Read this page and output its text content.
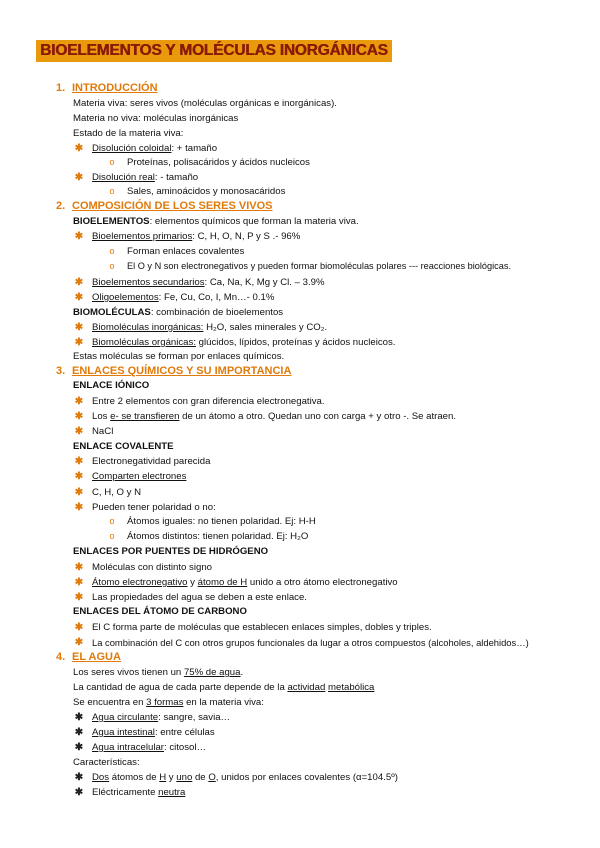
BIOELEMENTOS Y MOLÉCULAS INORGÁNICAS
1. INTRODUCCIÓN
Materia viva: seres vivos (moléculas orgánicas e inorgánicas).
Materia no viva: moléculas inorgánicas
Estado de la materia viva:
✱ Disolución coloidal: + tamaño
o Proteínas, polisacáridos y ácidos nucleicos
✱ Disolución real: - tamaño
o Sales, aminoácidos y monosacáridos
2. COMPOSICIÓN DE LOS SERES VIVOS
BIOELEMENTOS: elementos químicos que forman la materia viva.
✱ Bioelementos primarios: C, H, O, N, P y S .- 96%
o Forman enlaces covalentes
o El O y N son electronegativos y pueden formar biomoléculas polares --- reacciones biológicas.
✱ Bioelementos secundarios: Ca, Na, K, Mg y Cl. – 3.9%
✱ Oligoelementos: Fe, Cu, Co, I, Mn…- 0.1%
BIOMOLÉCULAS: combinación de bioelementos
✱ Biomoléculas inorgánicas: H₂O, sales minerales y CO₂.
✱ Biomoléculas orgánicas: glúcidos, lípidos, proteínas y ácidos nucleicos.
Estas moléculas se forman por enlaces químicos.
3. ENLACES QUÍMICOS Y SU IMPORTANCIA
ENLACE IÓNICO
✱ Entre 2 elementos con gran diferencia electronegativa.
✱ Los e- se transfieren de un átomo a otro. Quedan uno con carga + y otro -. Se atraen.
✱ NaCl
ENLACE COVALENTE
✱ Electronegatividad parecida
✱ Comparten electrones
✱ C, H, O y N
✱ Pueden tener polaridad o no:
o Átomos iguales: no tienen polaridad. Ej: H-H
o Átomos distintos: tienen polaridad. Ej: H₂O
ENLACES POR PUENTES DE HIDRÓGENO
✱ Moléculas con distinto signo
✱ Átomo electronegativo y átomo de H unido a otro átomo electronegativo
✱ Las propiedades del agua se deben a este enlace.
ENLACES DEL ÁTOMO DE CARBONO
✱ El C forma parte de moléculas que establecen enlaces simples, dobles y triples.
✱ La combinación del C con otros grupos funcionales da lugar a otros compuestos (alcoholes, aldehidos…)
4. EL AGUA
Los seres vivos tienen un 75% de agua.
La cantidad de agua de cada parte depende de la actividad metabólica
Se encuentra en 3 formas en la materia viva:
✱ Agua circulante: sangre, savia…
✱ Agua intestinal: entre células
✱ Agua intracelular: citosol…
Características:
✱ Dos átomos de H y uno de O, unidos por enlaces covalentes (α=104.5º)
✱ Eléctricamente neutra
